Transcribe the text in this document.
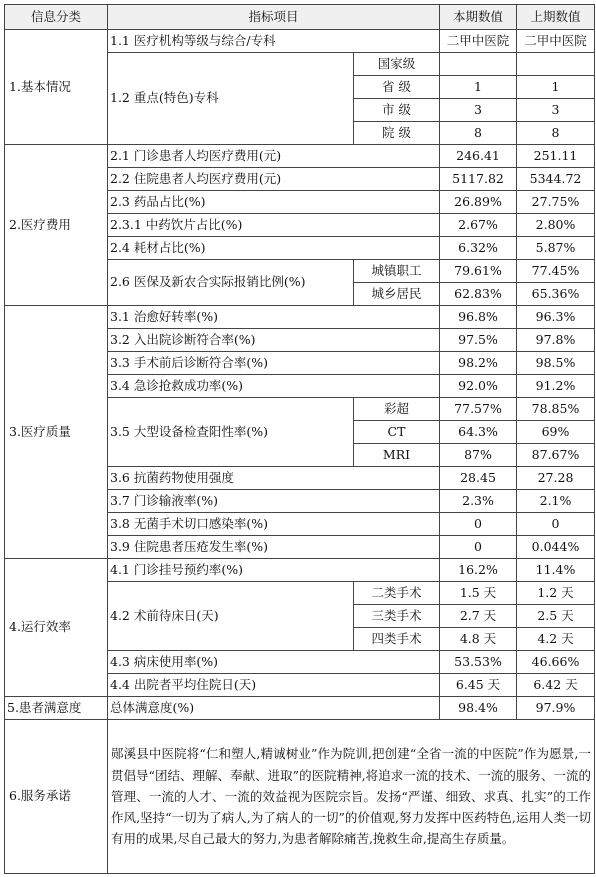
信息分类	指标项目		本期数值	上期数值
1.基本情况	1.1 医疗机构等级与综合/专科		二甲中医院	二甲中医院
	1.2 重点(特色)专科	国家级		
		省 级	1	1
		市 级	3	3
		院 级	8	8
2.医疗费用	2.1 门诊患者人均医疗费用(元)		246.41	251.11
	2.2 住院患者人均医疗费用(元)		5117.82	5344.72
	2.3 药品占比(%)		26.89%	27.75%
	2.3.1 中药饮片占比(%)		2.67%	2.80%
	2.4 耗材占比(%)		6.32%	5.87%
	2.6 医保及新农合实际报销比例(%)	城镇职工	79.61%	77.45%
		城乡居民	62.83%	65.36%
3.医疗质量	3.1 治愈好转率(%)		96.8%	96.3%
	3.2 入出院诊断符合率(%)		97.5%	97.8%
	3.3 手术前后诊断符合率(%)		98.2%	98.5%
	3.4 急诊抢救成功率(%)		92.0%	91.2%
	3.5 大型设备检查阳性率(%)	彩超	77.57%	78.85%
		CT	64.3%	69%
		MRI	87%	87.67%
	3.6 抗菌药物使用强度		28.45	27.28
	3.7 门诊输液率(%)		2.3%	2.1%
	3.8 无菌手术切口感染率(%)		0	0
	3.9 住院患者压疮发生率(%)		0	0.044%
4.运行效率	4.1 门诊挂号预约率(%)		16.2%	11.4%
	4.2 术前待床日(天)	二类手术	1.5 天	1.2 天
		三类手术	2.7 天	2.5 天
		四类手术	4.8 天	4.2 天
	4.3 病床使用率(%)		53.53%	46.66%
	4.4 出院者平均住院日(天)		6.45 天	6.42 天
5.患者满意度	总体满意度(%)		98.4%	97.9%
6.服务承诺	郧溪县中医院将“仁和塑人,精诚树业”作为院训,把创建“全省一流的中医院”作为愿景,一贯倡导“团结、理解、奉献、进取”的医院精神,将追求一流的技术、一流的服务、一流的管理、一流的人才、一流的效益视为医院宗旨。发扬“严谨、细致、求真、扎实”的工作作风,坚持“一切为了病人,为了病人的一切”的价值观,努力发挥中医药特色,运用人类一切有用的成果,尽自己最大的努力,为患者解除痛苦,挽救生命,提高生存质量。			
